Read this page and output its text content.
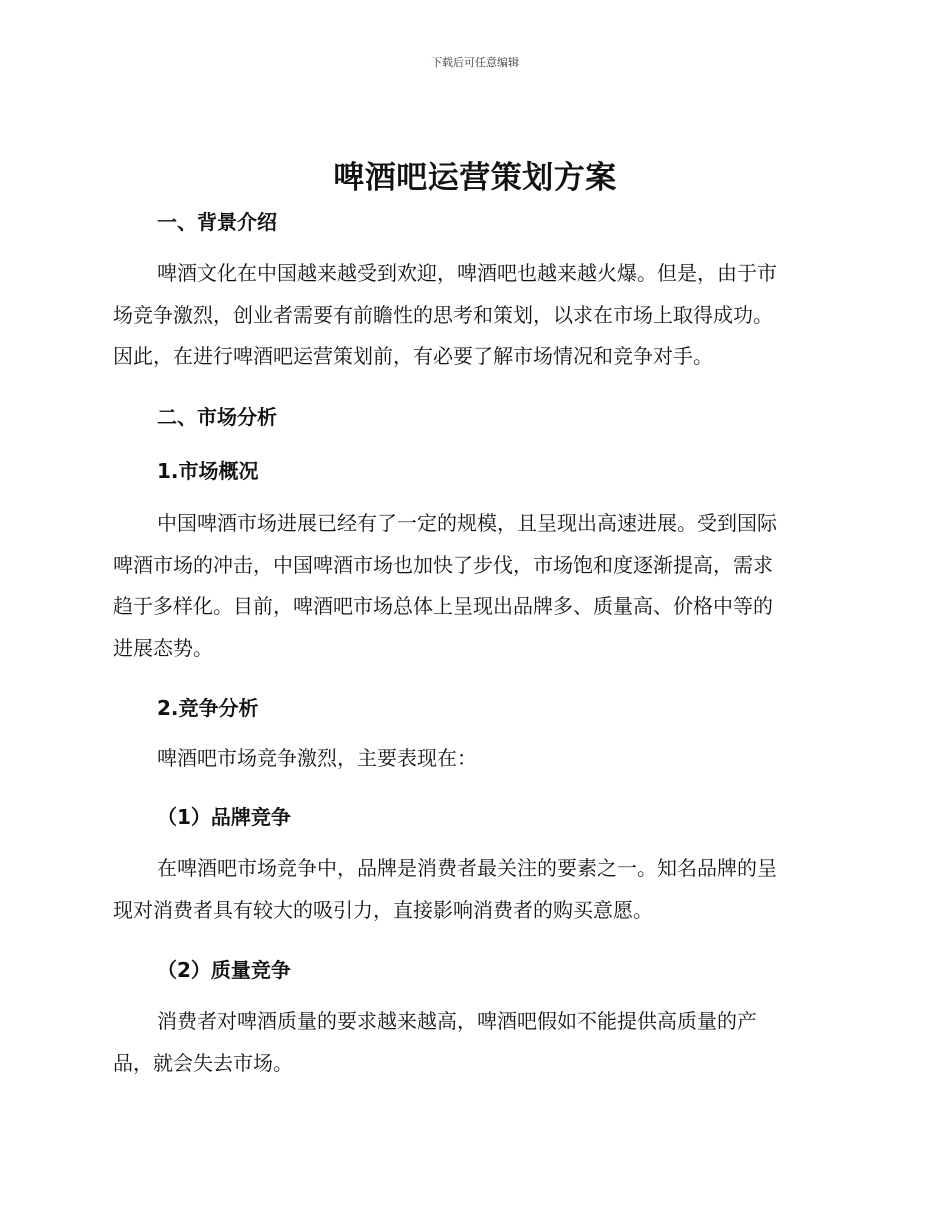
下载后可任意编辑
啤酒吧运营策划方案
一、背景介绍

啤酒文化在中国越来越受到欢迎，啤酒吧也越来越火爆。但是，由于市
场竞争激烈，创业者需要有前瞻性的思考和策划，以求在市场上取得成功。
因此，在进行啤酒吧运营策划前，有必要了解市场情况和竞争对手。

二、市场分析
1.市场概况

中国啤酒市场进展已经有了一定的规模，且呈现出高速进展。受到国际
啤酒市场的冲击，中国啤酒市场也加快了步伐，市场饱和度逐渐提高，需求
趋于多样化。目前，啤酒吧市场总体上呈现出品牌多、质量高、价格中等的
进展态势。

2.竞争分析

啤酒吧市场竞争激烈，主要表现在：

（1）品牌竞争

在啤酒吧市场竞争中，品牌是消费者最关注的要素之一。知名品牌的呈
现对消费者具有较大的吸引力，直接影响消费者的购买意愿。

（2）质量竞争

消费者对啤酒质量的要求越来越高，啤酒吧假如不能提供高质量的产
品，就会失去市场。
